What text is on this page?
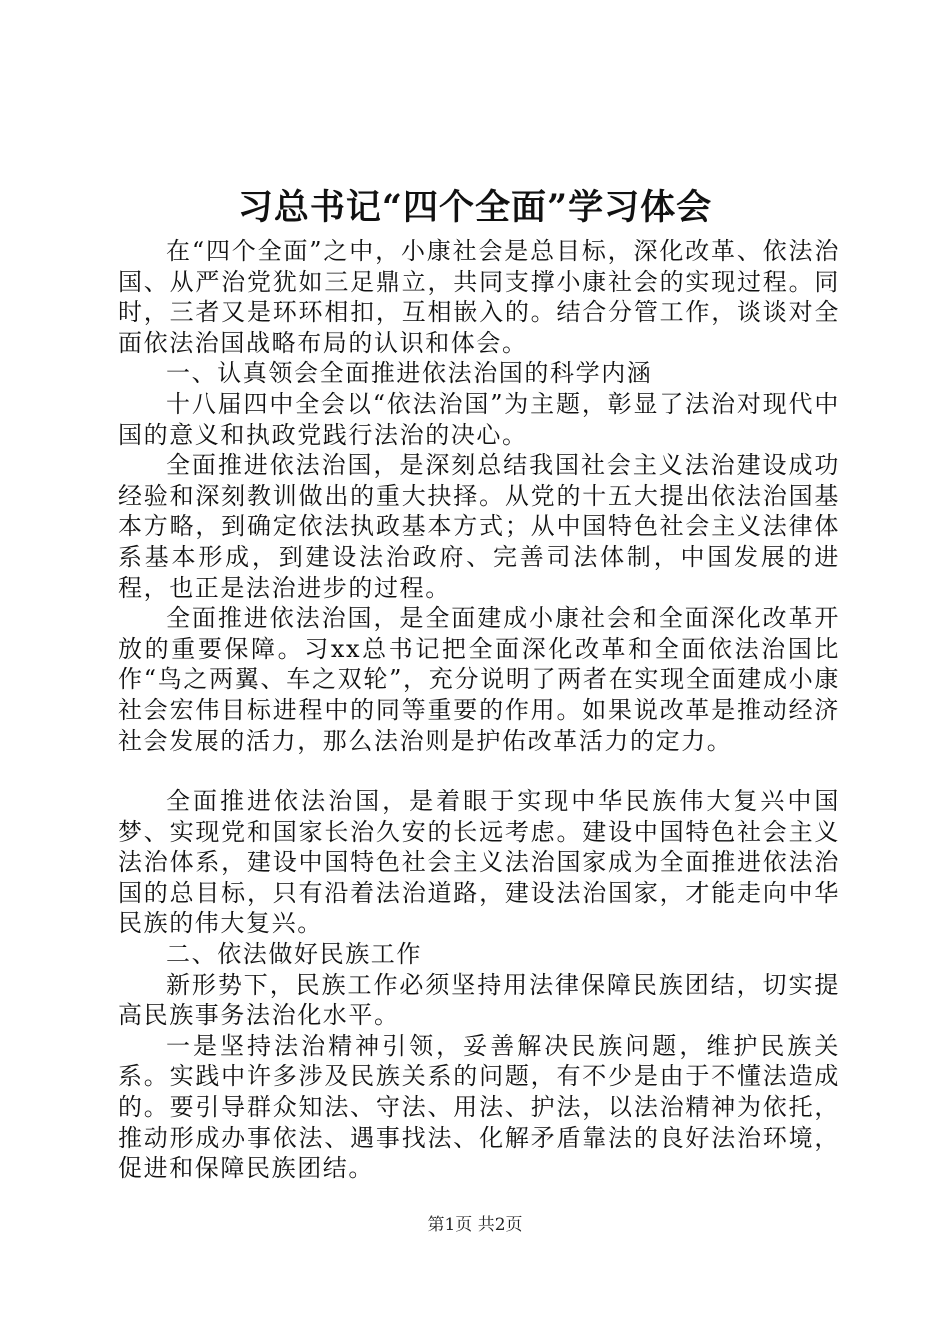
习总书记“四个全面”学习体会

在“四个全面”之中，小康社会是总目标，深化改革、依法治国、从严治党犹如三足鼎立，共同支撑小康社会的实现过程。同时，三者又是环环相扣，互相嵌入的。结合分管工作，谈谈对全面依法治国战略布局的认识和体会。

一、认真领会全面推进依法治国的科学内涵

十八届四中全会以“依法治国”为主题，彰显了法治对现代中国的意义和执政党践行法治的决心。

全面推进依法治国，是深刻总结我国社会主义法治建设成功经验和深刻教训做出的重大抉择。从党的十五大提出依法治国基本方略，到确定依法执政基本方式；从中国特色社会主义法律体系基本形成，到建设法治政府、完善司法体制，中国发展的进程，也正是法治进步的过程。

全面推进依法治国，是全面建成小康社会和全面深化改革开放的重要保障。习xx总书记把全面深化改革和全面依法治国比作“鸟之两翼、车之双轮”，充分说明了两者在实现全面建成小康社会宏伟目标进程中的同等重要的作用。如果说改革是推动经济社会发展的活力，那么法治则是护佑改革活力的定力。

全面推进依法治国，是着眼于实现中华民族伟大复兴中国梦、实现党和国家长治久安的长远考虑。建设中国特色社会主义法治体系，建设中国特色社会主义法治国家成为全面推进依法治国的总目标，只有沿着法治道路，建设法治国家，才能走向中华民族的伟大复兴。

二、依法做好民族工作

新形势下，民族工作必须坚持用法律保障民族团结，切实提高民族事务法治化水平。

一是坚持法治精神引领，妥善解决民族问题，维护民族关系。实践中许多涉及民族关系的问题，有不少是由于不懂法造成的。要引导群众知法、守法、用法、护法，以法治精神为依托，推动形成办事依法、遇事找法、化解矛盾靠法的良好法治环境，促进和保障民族团结。

第1页 共2页
